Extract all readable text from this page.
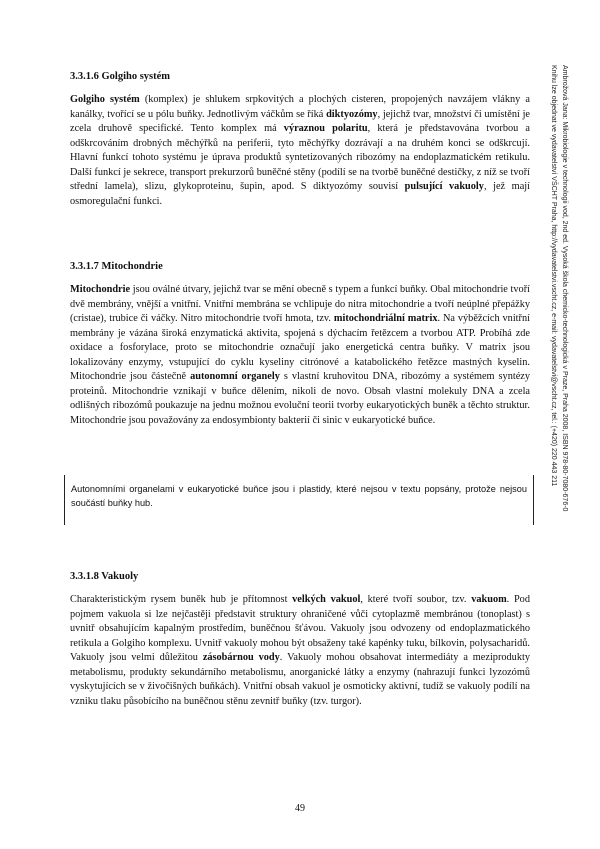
3.3.1.6 Golgiho systém

Golgiho systém (komplex) je shlukem srpkovitých a plochých cisteren, propojených navzájem vlákny a kanálky, tvořící se u pólu buňky. Jednotlivým váčkům se říká diktyozómy, jejichž tvar, množství či umístění je zcela druhově specifické. Tento komplex má výraznou polaritu, která je představována tvorbou a odškrcováním drobných měchýřků na periferii, tyto měchýřky dozrávají a na druhém konci se odškrcují. Hlavní funkcí tohoto systému je úprava produktů syntetizovaných ribozómy na endoplazmatickém retikulu. Další funkcí je sekrece, transport prekurzorů buněčné stěny (podílí se na tvorbě buněčné destičky, z níž se tvoří střední lamela), slizu, glykoproteinu, šupin, apod. S diktyozómy souvisí pulsující vakuoly, jež mají osmoregulační funkci.

3.3.1.7 Mitochondrie

Mitochondrie jsou oválné útvary, jejichž tvar se mění obecně s typem a funkcí buňky. Obal mitochondrie tvoří dvě membrány, vnější a vnitřní. Vnitřní membrána se vchlipuje do nitra mitochondrie a tvoří neúplné přepážky (cristae), trubice či váčky. Nitro mitochondrie tvoří hmota, tzv. mitochondriální matrix. Na výběžcích vnitřní membrány je vázána široká enzymatická aktivita, spojená s dýchacím řetězcem a tvorbou ATP. Probíhá zde oxidace a fosforylace, proto se mitochondrie označují jako energetická centra buňky. V matrix jsou lokalizovány enzymy, vstupující do cyklu kyseliny citrónové a katabolického řetězce mastných kyselin. Mitochondrie jsou částečně autonomní organely s vlastní kruhovitou DNA, ribozómy a systémem syntézy proteinů. Mitochondrie vznikají v buňce dělením, nikoli de novo. Obsah vlastní molekuly DNA a zcela odlišných ribozómů poukazuje na jednu možnou evoluční teorii tvorby eukaryotických buněk a těchto struktur. Mitochondrie jsou považovány za endosymbionty bakterií či sinic v eukaryotické buňce.

Autonomními organelami v eukaryotické buňce jsou i plastidy, které nejsou v textu popsány, protože nejsou součástí buňky hub.

3.3.1.8 Vakuoly

Charakteristickým rysem buněk hub je přítomnost velkých vakuol, které tvoří soubor, tzv. vakuom. Pod pojmem vakuola si lze nejčastěji představit struktury ohraničené vůči cytoplazmě membránou (tonoplast) s uvnitř obsahujícím kapalným prostředím, buněčnou šťávou. Vakuoly jsou odvozeny od endoplazmatického retikula a Golgiho komplexu. Uvnitř vakuoly mohou být obsaženy také kapénky tuku, bílkovin, polysacharidů. Vakuoly jsou velmi důležitou zásobárnou vody. Vakuoly mohou obsahovat intermediáty a meziprodukty metabolismu, produkty sekundárního metabolismu, anorganické látky a enzymy (nahrazují funkci lyzozómů vyskytujících se v živočišných buňkách). Vnitřní obsah vakuol je osmoticky aktivní, tudíž se vakuoly podílí na vzniku tlaku působícího na buněčnou stěnu zevnitř buňky (tzv. turgor).

49
Ambrožová Jana: Mikrobiologie v technologii vod, 2nd ed. Vysoká škola chemicko-technologická v Praze, Praha 2008, ISBN 978-80-7080-676-0
Knihu lze objednat ve vydavatelství VŠCHT Praha, http://vydavatelstvi.vscht.cz, e-mail: vydavatelstvi@vscht.cz, tel.: (+420) 220 443 211
